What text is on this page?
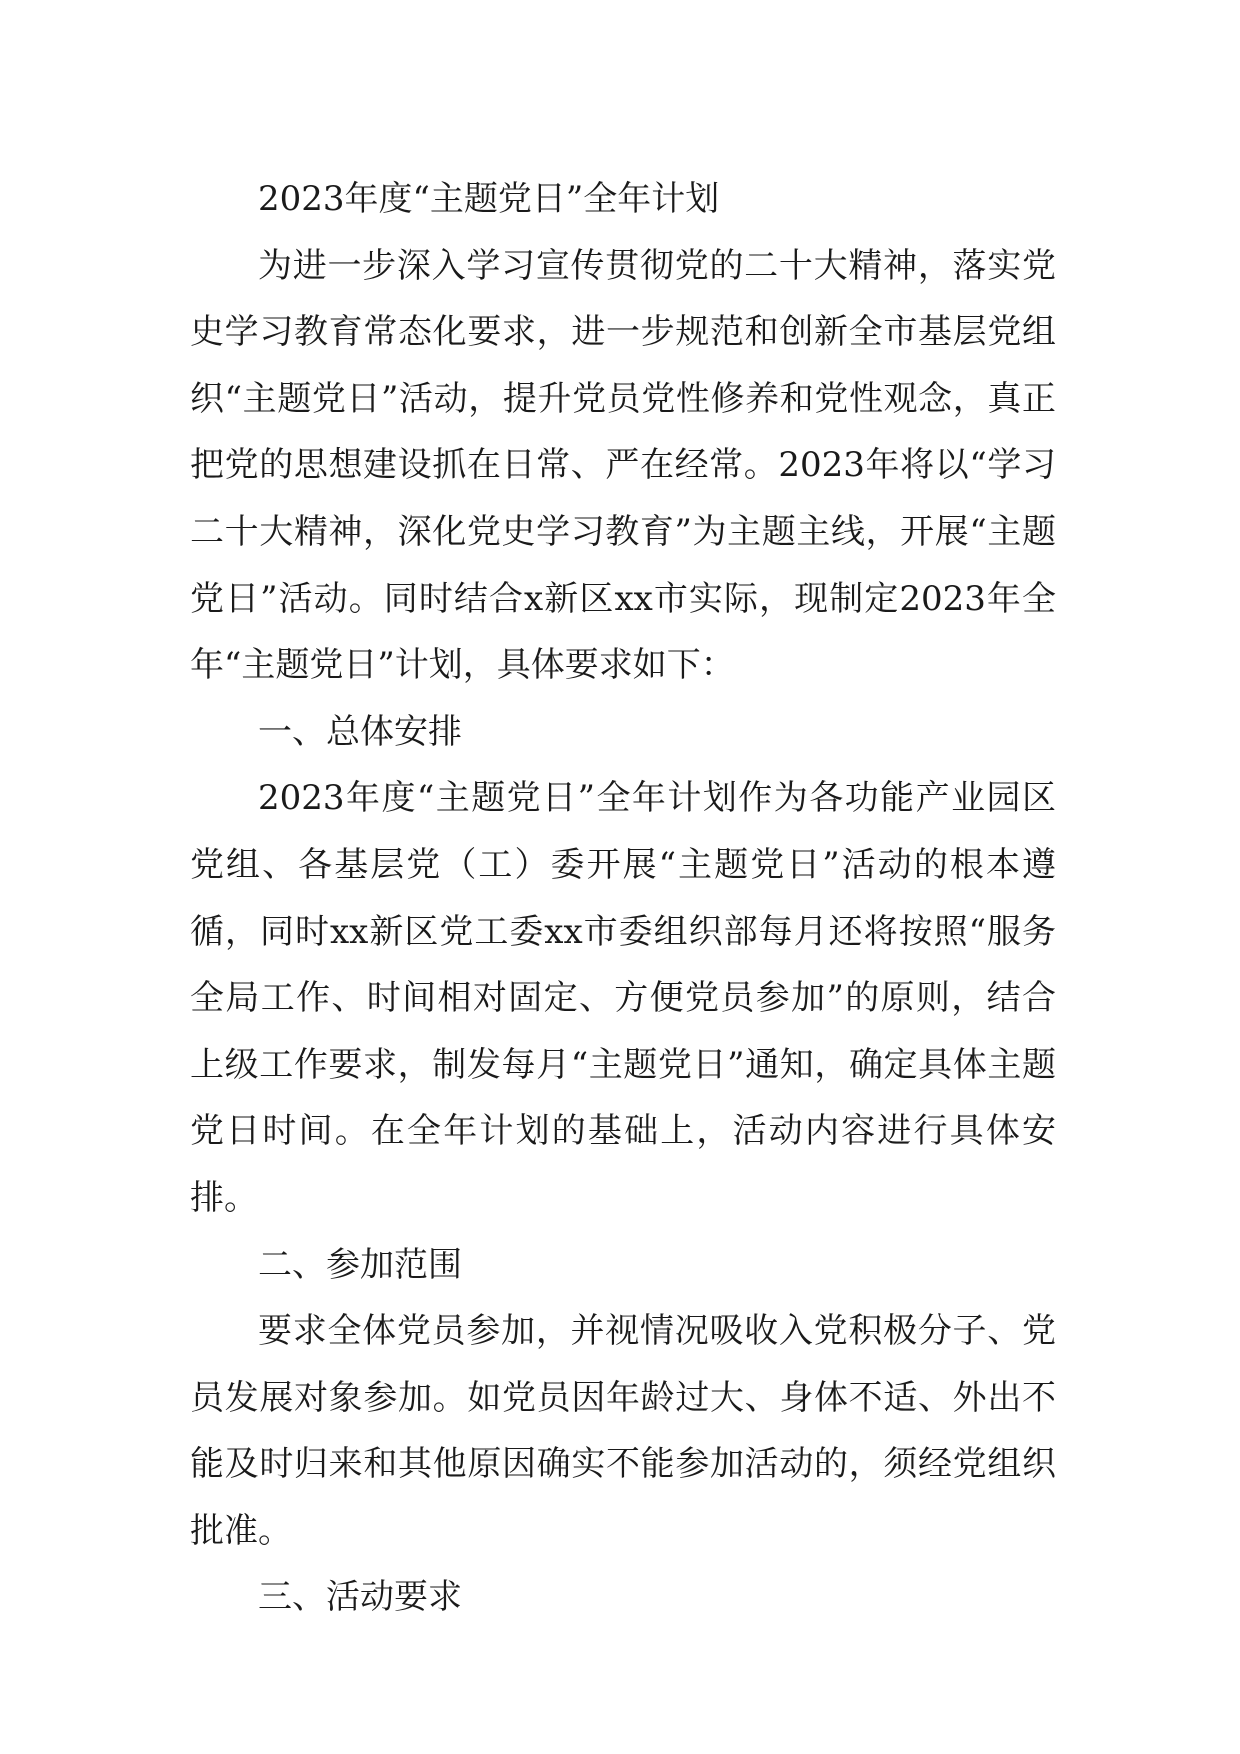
2023年度“主题党日”全年计划

为进一步深入学习宣传贯彻党的二十大精神，落实党史学习教育常态化要求，进一步规范和创新全市基层党组织“主题党日”活动，提升党员党性修养和党性观念，真正把党的思想建设抓在日常、严在经常。2023年将以“学习二十大精神，深化党史学习教育”为主题主线，开展“主题党日”活动。同时结合x新区xx市实际，现制定2023年全年“主题党日”计划，具体要求如下：

一、总体安排

2023年度“主题党日”全年计划作为各功能产业园区党组、各基层党（工）委开展“主题党日”活动的根本遵循，同时xx新区党工委xx市委组织部每月还将按照“服务全局工作、时间相对固定、方便党员参加”的原则，结合上级工作要求，制发每月“主题党日”通知，确定具体主题党日时间。在全年计划的基础上，活动内容进行具体安排。

二、参加范围

要求全体党员参加，并视情况吸收入党积极分子、党员发展对象参加。如党员因年龄过大、身体不适、外出不能及时归来和其他原因确实不能参加活动的，须经党组织批准。

三、活动要求
